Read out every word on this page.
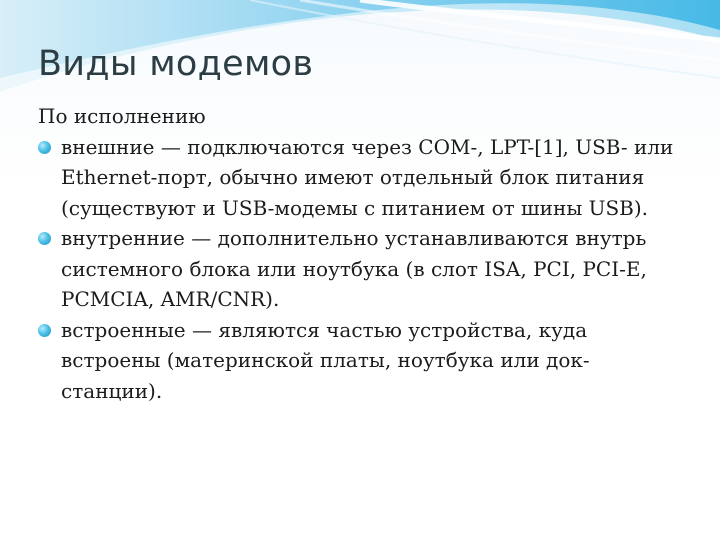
Виды модемов

По исполнению

внешние — подключаются через COM-, LPT-[1], USB- или Ethernet-порт, обычно имеют отдельный блок питания (существуют и USB-модемы с питанием от шины USB).
внутренние — дополнительно устанавливаются внутрь системного блока или ноутбука (в слот ISA, PCI, PCI-E, PCMCIA, AMR/CNR).
встроенные — являются частью устройства, куда встроены (материнской платы, ноутбука или док-станции).
